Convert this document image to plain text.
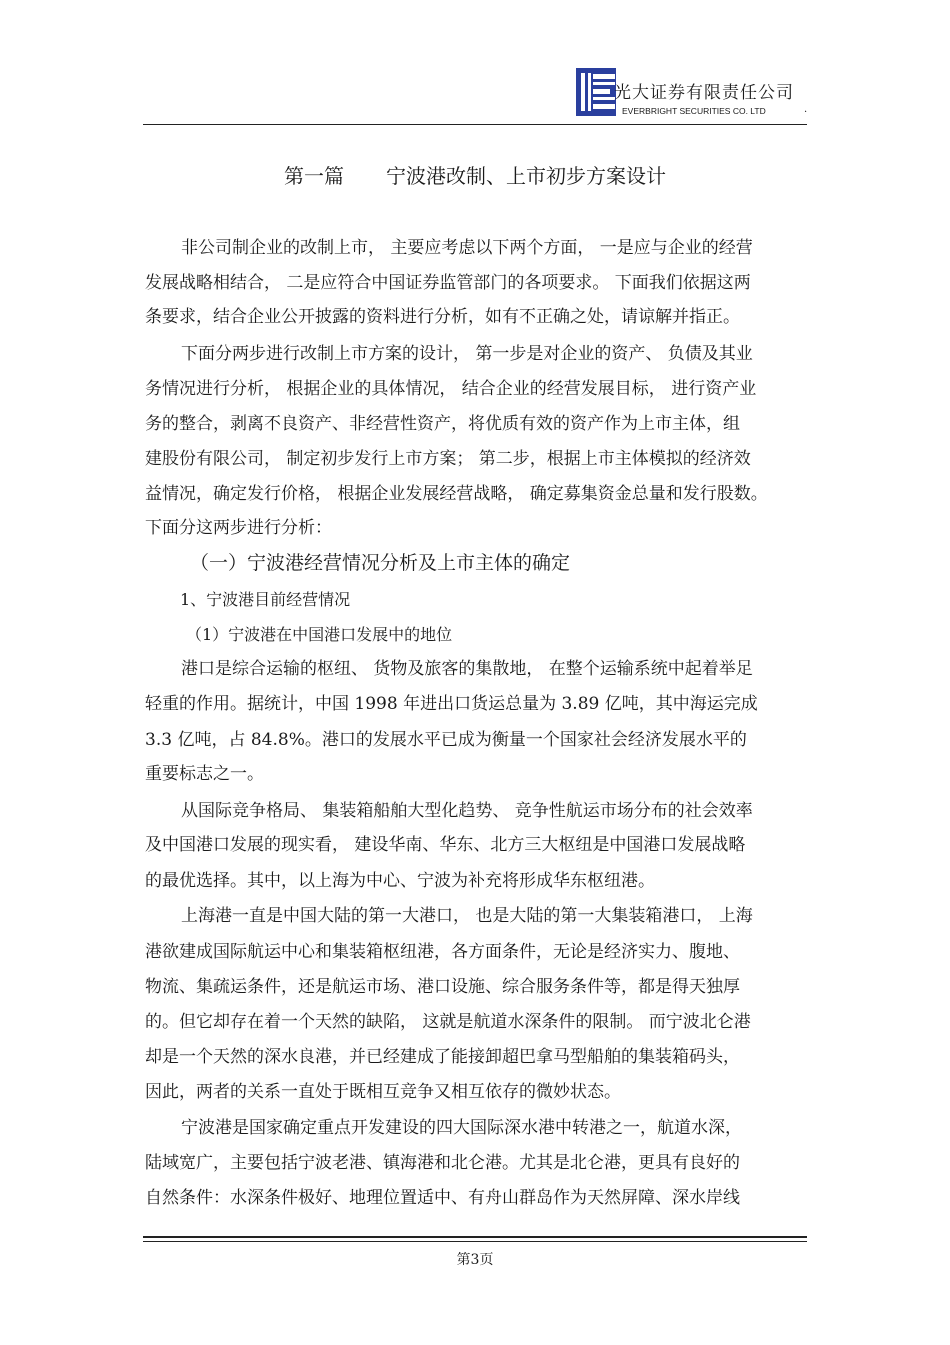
光大证券有限责任公司
EVERBRIGHT SECURITIES CO. LTD	.
第一篇 宁波港改制、上市初步方案设计
非公司制企业的改制上市， 主要应考虑以下两个方面， 一是应与企业的经营
发展战略相结合， 二是应符合中国证券监管部门的各项要求。 下面我们依据这两
条要求，结合企业公开披露的资料进行分析，如有不正确之处，请谅解并指正。
下面分两步进行改制上市方案的设计， 第一步是对企业的资产、 负债及其业
务情况进行分析， 根据企业的具体情况， 结合企业的经营发展目标， 进行资产业
务的整合，剥离不良资产、非经营性资产，将优质有效的资产作为上市主体，组
建股份有限公司， 制定初步发行上市方案； 第二步，根据上市主体模拟的经济效
益情况，确定发行价格， 根据企业发展经营战略， 确定募集资金总量和发行股数。
下面分这两步进行分析：
（一）宁波港经营情况分析及上市主体的确定
1、宁波港目前经营情况
（1）宁波港在中国港口发展中的地位
港口是综合运输的枢纽、 货物及旅客的集散地， 在整个运输系统中起着举足
轻重的作用。据统计，中国 1998 年进出口货运总量为 3.89 亿吨，其中海运完成
3.3 亿吨，占 84.8%。港口的发展水平已成为衡量一个国家社会经济发展水平的
重要标志之一。
从国际竞争格局、 集装箱船舶大型化趋势、 竞争性航运市场分布的社会效率
及中国港口发展的现实看， 建设华南、华东、北方三大枢纽是中国港口发展战略
的最优选择。其中，以上海为中心、宁波为补充将形成华东枢纽港。
上海港一直是中国大陆的第一大港口， 也是大陆的第一大集装箱港口， 上海
港欲建成国际航运中心和集装箱枢纽港，各方面条件，无论是经济实力、腹地、
物流、集疏运条件，还是航运市场、港口设施、综合服务条件等，都是得天独厚
的。但它却存在着一个天然的缺陷， 这就是航道水深条件的限制。 而宁波北仑港
却是一个天然的深水良港，并已经建成了能接卸超巴拿马型船舶的集装箱码头，
因此，两者的关系一直处于既相互竞争又相互依存的微妙状态。
宁波港是国家确定重点开发建设的四大国际深水港中转港之一，航道水深，
陆域宽广，主要包括宁波老港、镇海港和北仑港。尤其是北仑港，更具有良好的
自然条件：水深条件极好、地理位置适中、有舟山群岛作为天然屏障、深水岸线
第3页
